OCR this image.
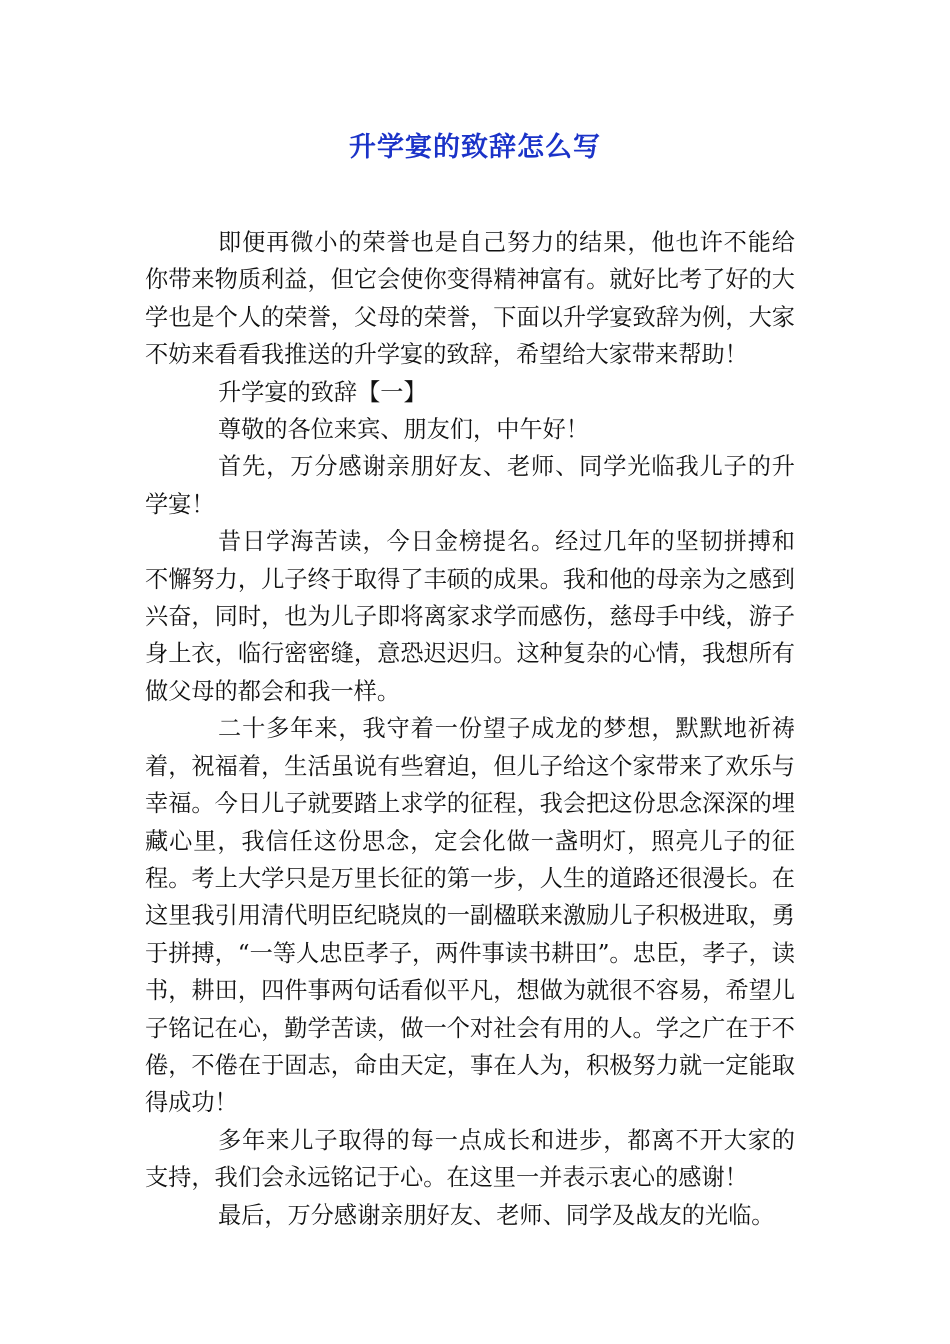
升学宴的致辞怎么写

即便再微小的荣誉也是自己努力的结果，他也许不能给你带来物质利益，但它会使你变得精神富有。就好比考了好的大学也是个人的荣誉，父母的荣誉，下面以升学宴致辞为例，大家不妨来看看我推送的升学宴的致辞，希望给大家带来帮助！

升学宴的致辞【一】

尊敬的各位来宾、朋友们，中午好！

首先，万分感谢亲朋好友、老师、同学光临我儿子的升学宴！

昔日学海苦读，今日金榜提名。经过几年的坚韧拼搏和不懈努力，儿子终于取得了丰硕的成果。我和他的母亲为之感到兴奋，同时，也为儿子即将离家求学而感伤，慈母手中线，游子身上衣，临行密密缝，意恐迟迟归。这种复杂的心情，我想所有做父母的都会和我一样。

二十多年来，我守着一份望子成龙的梦想，默默地祈祷着，祝福着，生活虽说有些窘迫，但儿子给这个家带来了欢乐与幸福。今日儿子就要踏上求学的征程，我会把这份思念深深的埋藏心里，我信任这份思念，定会化做一盏明灯，照亮儿子的征程。考上大学只是万里长征的第一步，人生的道路还很漫长。在这里我引用清代明臣纪晓岚的一副楹联来激励儿子积极进取，勇于拼搏，“一等人忠臣孝子，两件事读书耕田”。忠臣，孝子，读书，耕田，四件事两句话看似平凡，想做为就很不容易，希望儿子铭记在心，勤学苦读，做一个对社会有用的人。学之广在于不倦，不倦在于固志，命由天定，事在人为，积极努力就一定能取得成功！

多年来儿子取得的每一点成长和进步，都离不开大家的支持，我们会永远铭记于心。在这里一并表示衷心的感谢！

最后，万分感谢亲朋好友、老师、同学及战友的光临。
